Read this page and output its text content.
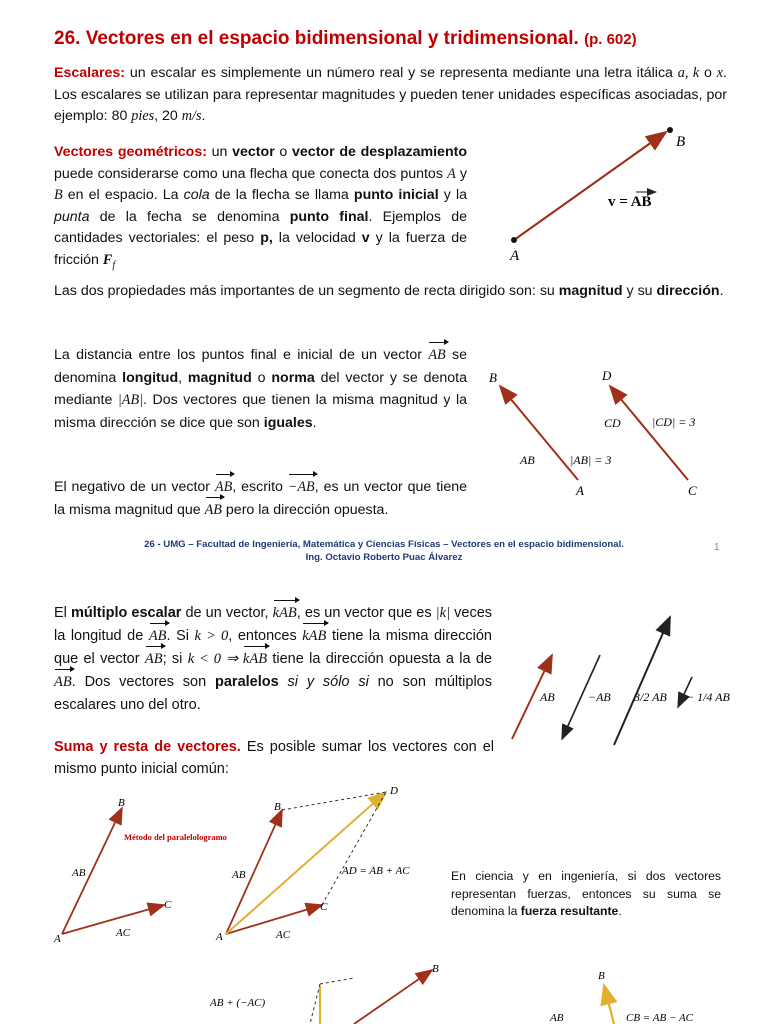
26. Vectores en el espacio bidimensional y tridimensional. (p. 602)
Escalares: un escalar es simplemente un número real y se representa mediante una letra itálica a, k o x. Los escalares se utilizan para representar magnitudes y pueden tener unidades específicas asociadas, por ejemplo: 80 pies, 20 m/s.
Vectores geométricos: un vector o vector de desplazamiento puede considerarse como una flecha que conecta dos puntos A y B en el espacio. La cola de la flecha se llama punto inicial y la punta de la fecha se denomina punto final. Ejemplos de cantidades vectoriales: el peso p, la velocidad v y la fuerza de fricción $F_f$
A
B
v = AB
Las dos propiedades más importantes de un segmento de recta dirigido son: su magnitud y su dirección.
La distancia entre los puntos final e inicial de un vector AB se denomina longitud, magnitud o norma del vector y se denota mediante |AB|. Dos vectores que tienen la misma magnitud y la misma dirección se dice que son iguales.
B	D
A	C
AB	|AB| = 3
CD	|CD| = 3
El negativo de un vector AB, escrito −AB, es un vector que tiene la misma magnitud que AB pero la dirección opuesta.
26 - UMG – Facultad de Ingeniería, Matemática y Ciencias Físicas – Vectores en el espacio bidimensional.
Ing. Octavio Roberto Puac Álvarez
1
El múltiplo escalar de un vector, kAB, es un vector que es |k| veces la longitud de AB. Si k > 0, entonces kAB tiene la misma dirección que el vector AB; si k < 0 ⇒ kAB tiene la dirección opuesta a la de AB. Dos vectores son paralelos si y sólo si no son múltiplos escalares uno del otro.	AB	−AB 3/2 AB − 1/4 AB
Suma y resta de vectores. Es posible sumar los vectores con el mismo punto inicial común:
A
B
C
AB
AC
Método del paralelologramo
A
B
C
D
AB
AC
AD = AB + AC	En ciencia y en ingeniería, si dos vectores representan fuerzas, entonces su suma se denomina la fuerza resultante.
B
AB + (−AC)
B
AB	CB = AB − AC
